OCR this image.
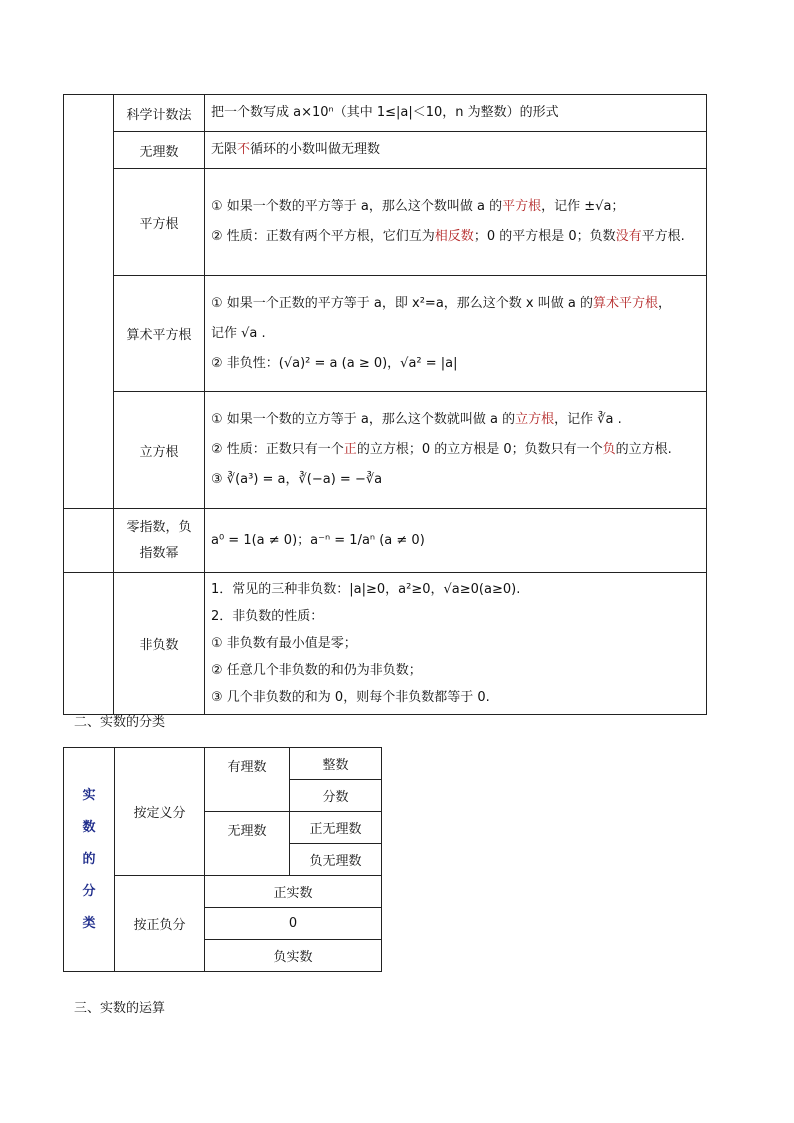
	科学计数法	把一个数写成 a×10ⁿ（其中 1≤|a|＜10，n 为整数）的形式
	无理数	无限不循环的小数叫做无理数
	平方根	① 如果一个数的平方等于 a，那么这个数叫做 a 的平方根，记作 ±√a；
② 性质：正数有两个平方根，它们互为相反数；0 的平方根是 0；负数没有平方根.

	算术平方根	① 如果一个正数的平方等于 a，即 x²=a，那么这个数 x 叫做 a 的算术平方根，
记作 √a .
② 非负性：(√a)² = a (a ≥ 0)，√a² = |a|

	立方根	① 如果一个数的立方等于 a，那么这个数就叫做 a 的立方根，记作 ∛a .
② 性质：正数只有一个正的立方根；0 的立方根是 0；负数只有一个负的立方根.
③ ∛(a³) = a，∛(−a) = −∛a

	零指数，负
指数幂	a⁰ = 1(a ≠ 0)；a⁻ⁿ = 1/aⁿ (a ≠ 0)
	非负数	1．常见的三种非负数：|a|≥0，a²≥0，√a≥0(a≥0).
2．非负数的性质：
① 非负数有最小值是零；
② 任意几个非负数的和仍为非负数；
③ 几个非负数的和为 0，则每个非负数都等于 0.
二、实数的分类
实
数
的
分
类	按定义分	有理数	整数
			分数
		无理数	正无理数
			负无理数
	按正负分	正实数	
		0	
		负实数	
三、实数的运算
